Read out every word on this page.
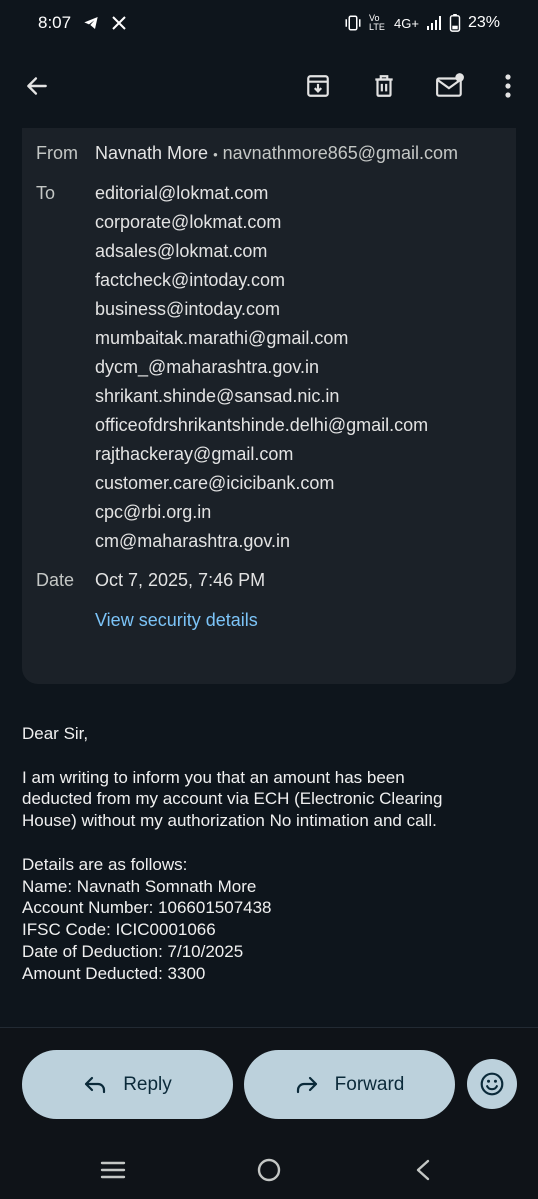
8:07	Vo LTE 4G+	23%
From Navnath More • navnathmore865@gmail.com
To editorial@lokmat.com
corporate@lokmat.com
adsales@lokmat.com
factcheck@intoday.com
business@intoday.com
mumbaitak.marathi@gmail.com
dycm_@maharashtra.gov.in
shrikant.shinde@sansad.nic.in
officeofdrshrikantshinde.delhi@gmail.com
rajthackeray@gmail.com
customer.care@icicibank.com
cpc@rbi.org.in
cm@maharashtra.gov.in
Date Oct 7, 2025, 7:46 PM
View security details
Dear Sir,
I am writing to inform you that an amount has been
deducted from my account via ECH (Electronic Clearing
House) without my authorization No intimation and call.
Details are as follows:
Name: Navnath Somnath More
Account Number: 106601507438
IFSC Code: ICIC0001066
Date of Deduction: 7/10/2025
Amount Deducted: 3300
Reply	Forward
